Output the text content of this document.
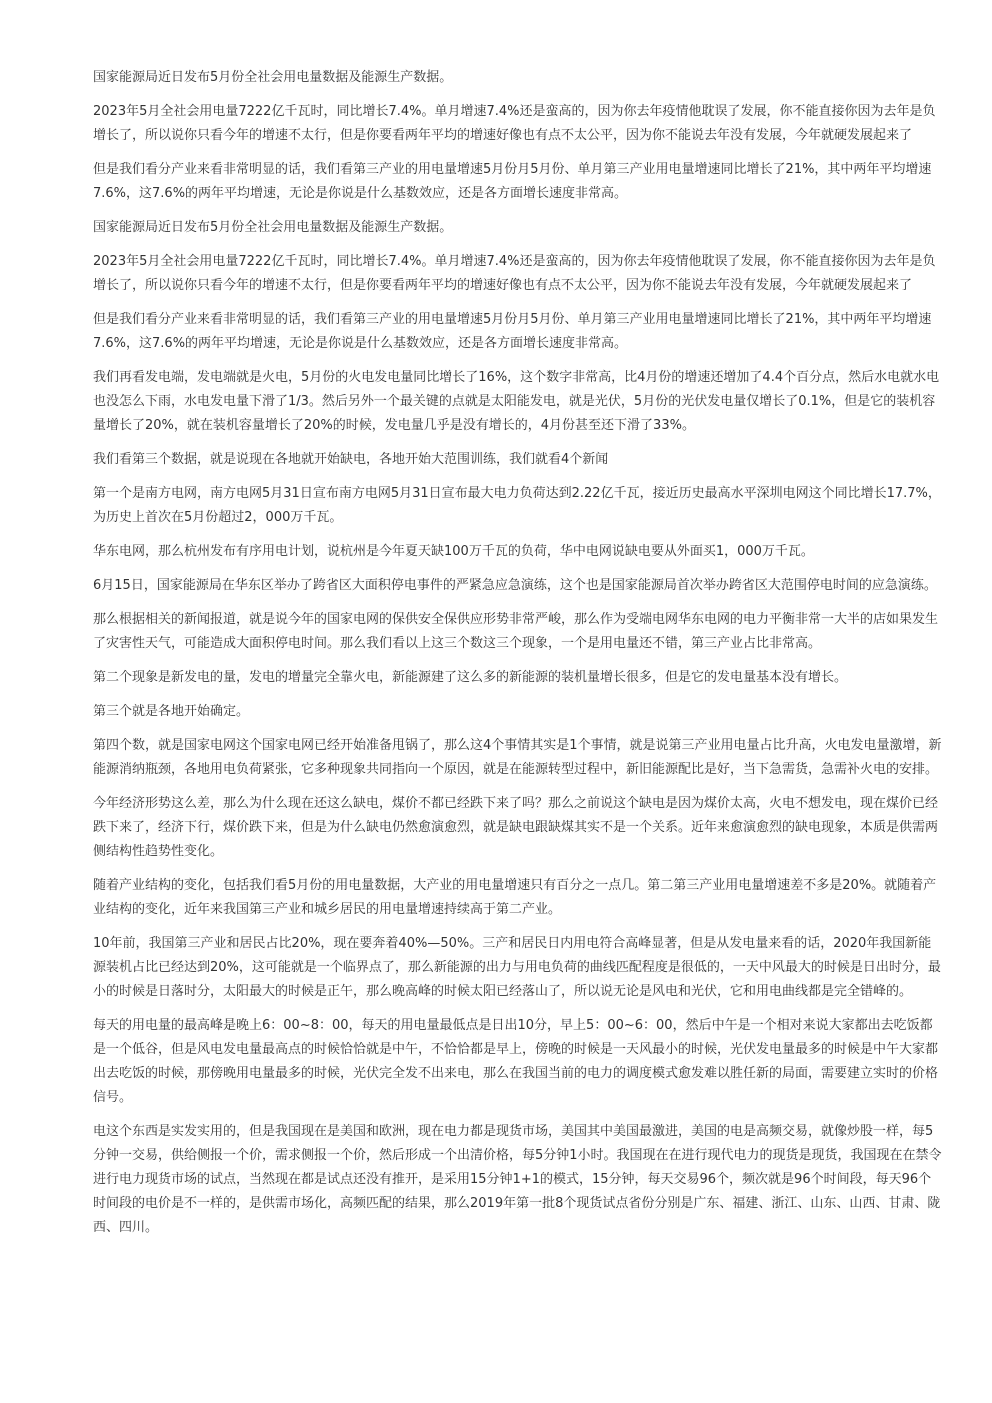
国家能源局近日发布5月份全社会用电量数据及能源生产数据。

2023年5月全社会用电量7222亿千瓦时，同比增长7.4%。单月增速7.4%还是蛮高的，因为你去年疫情他耽误了发展，你不能直接你因为去年是负增长了，所以说你只看今年的增速不太行，但是你要看两年平均的增速好像也有点不太公平，因为你不能说去年没有发展，今年就硬发展起来了

但是我们看分产业来看非常明显的话，我们看第三产业的用电量增速5月份月5月份、单月第三产业用电量增速同比增长了21%，其中两年平均增速7.6%，这7.6%的两年平均增速，无论是你说是什么基数效应，还是各方面增长速度非常高。

国家能源局近日发布5月份全社会用电量数据及能源生产数据。

2023年5月全社会用电量7222亿千瓦时，同比增长7.4%。单月增速7.4%还是蛮高的，因为你去年疫情他耽误了发展，你不能直接你因为去年是负增长了，所以说你只看今年的增速不太行，但是你要看两年平均的增速好像也有点不太公平，因为你不能说去年没有发展，今年就硬发展起来了

但是我们看分产业来看非常明显的话，我们看第三产业的用电量增速5月份月5月份、单月第三产业用电量增速同比增长了21%，其中两年平均增速7.6%，这7.6%的两年平均增速，无论是你说是什么基数效应，还是各方面增长速度非常高。

我们再看发电端，发电端就是火电，5月份的火电发电量同比增长了16%，这个数字非常高，比4月份的增速还增加了4.4个百分点，然后水电就水电也没怎么下雨，水电发电量下滑了1/3。然后另外一个最关键的点就是太阳能发电，就是光伏，5月份的光伏发电量仅增长了0.1%，但是它的装机容量增长了20%，就在装机容量增长了20%的时候，发电量几乎是没有增长的，4月份甚至还下滑了33%。

我们看第三个数据，就是说现在各地就开始缺电，各地开始大范围训练，我们就看4个新闻

第一个是南方电网，南方电网5月31日宣布南方电网5月31日宣布最大电力负荷达到2.22亿千瓦，接近历史最高水平深圳电网这个同比增长17.7%，为历史上首次在5月份超过2，000万千瓦。

华东电网，那么杭州发布有序用电计划，说杭州是今年夏天缺100万千瓦的负荷，华中电网说缺电要从外面买1，000万千瓦。

6月15日，国家能源局在华东区举办了跨省区大面积停电事件的严紧急应急演练，这个也是国家能源局首次举办跨省区大范围停电时间的应急演练。

那么根据相关的新闻报道，就是说今年的国家电网的保供安全保供应形势非常严峻，那么作为受端电网华东电网的电力平衡非常一大半的店如果发生了灾害性天气，可能造成大面积停电时间。那么我们看以上这三个数这三个现象，一个是用电量还不错，第三产业占比非常高。

第二个现象是新发电的量，发电的增量完全靠火电，新能源建了这么多的新能源的装机量增长很多，但是它的发电量基本没有增长。

第三个就是各地开始确定。

第四个数，就是国家电网这个国家电网已经开始准备甩锅了，那么这4个事情其实是1个事情，就是说第三产业用电量占比升高，火电发电量激增，新能源消纳瓶颈，各地用电负荷紧张，它多种现象共同指向一个原因，就是在能源转型过程中，新旧能源配比是好，当下急需货，急需补火电的安排。

今年经济形势这么差，那么为什么现在还这么缺电，煤价不都已经跌下来了吗？那么之前说这个缺电是因为煤价太高，火电不想发电，现在煤价已经跌下来了，经济下行，煤价跌下来，但是为什么缺电仍然愈演愈烈，就是缺电跟缺煤其实不是一个关系。近年来愈演愈烈的缺电现象，本质是供需两侧结构性趋势性变化。

随着产业结构的变化，包括我们看5月份的用电量数据，大产业的用电量增速只有百分之一点几。第二第三产业用电量增速差不多是20%。就随着产业结构的变化，近年来我国第三产业和城乡居民的用电量增速持续高于第二产业。

10年前，我国第三产业和居民占比20%，现在要奔着40%—50%。三产和居民日内用电符合高峰显著，但是从发电量来看的话，2020年我国新能源装机占比已经达到20%，这可能就是一个临界点了，那么新能源的出力与用电负荷的曲线匹配程度是很低的，一天中风最大的时候是日出时分，最小的时候是日落时分，太阳最大的时候是正午，那么晚高峰的时候太阳已经落山了，所以说无论是风电和光伏，它和用电曲线都是完全错峰的。

每天的用电量的最高峰是晚上6：00~8：00，每天的用电量最低点是日出10分，早上5：00~6：00，然后中午是一个相对来说大家都出去吃饭都是一个低谷，但是风电发电量最高点的时候恰恰就是中午，不恰恰都是早上，傍晚的时候是一天风最小的时候，光伏发电量最多的时候是中午大家都出去吃饭的时候，那傍晚用电量最多的时候，光伏完全发不出来电，那么在我国当前的电力的调度模式愈发难以胜任新的局面，需要建立实时的价格信号。

电这个东西是实发实用的，但是我国现在是美国和欧洲，现在电力都是现货市场，美国其中美国最激进，美国的电是高频交易，就像炒股一样，每5分钟一交易，供给侧报一个价，需求侧报一个价，然后形成一个出清价格，每5分钟1小时。我国现在在进行现代电力的现货是现货，我国现在在禁令进行电力现货市场的试点，当然现在都是试点还没有推开，是采用15分钟1+1的模式，15分钟，每天交易96个，频次就是96个时间段，每天96个时间段的电价是不一样的，是供需市场化，高频匹配的结果，那么2019年第一批8个现货试点省份分别是广东、福建、浙江、山东、山西、甘肃、陇西、四川。
